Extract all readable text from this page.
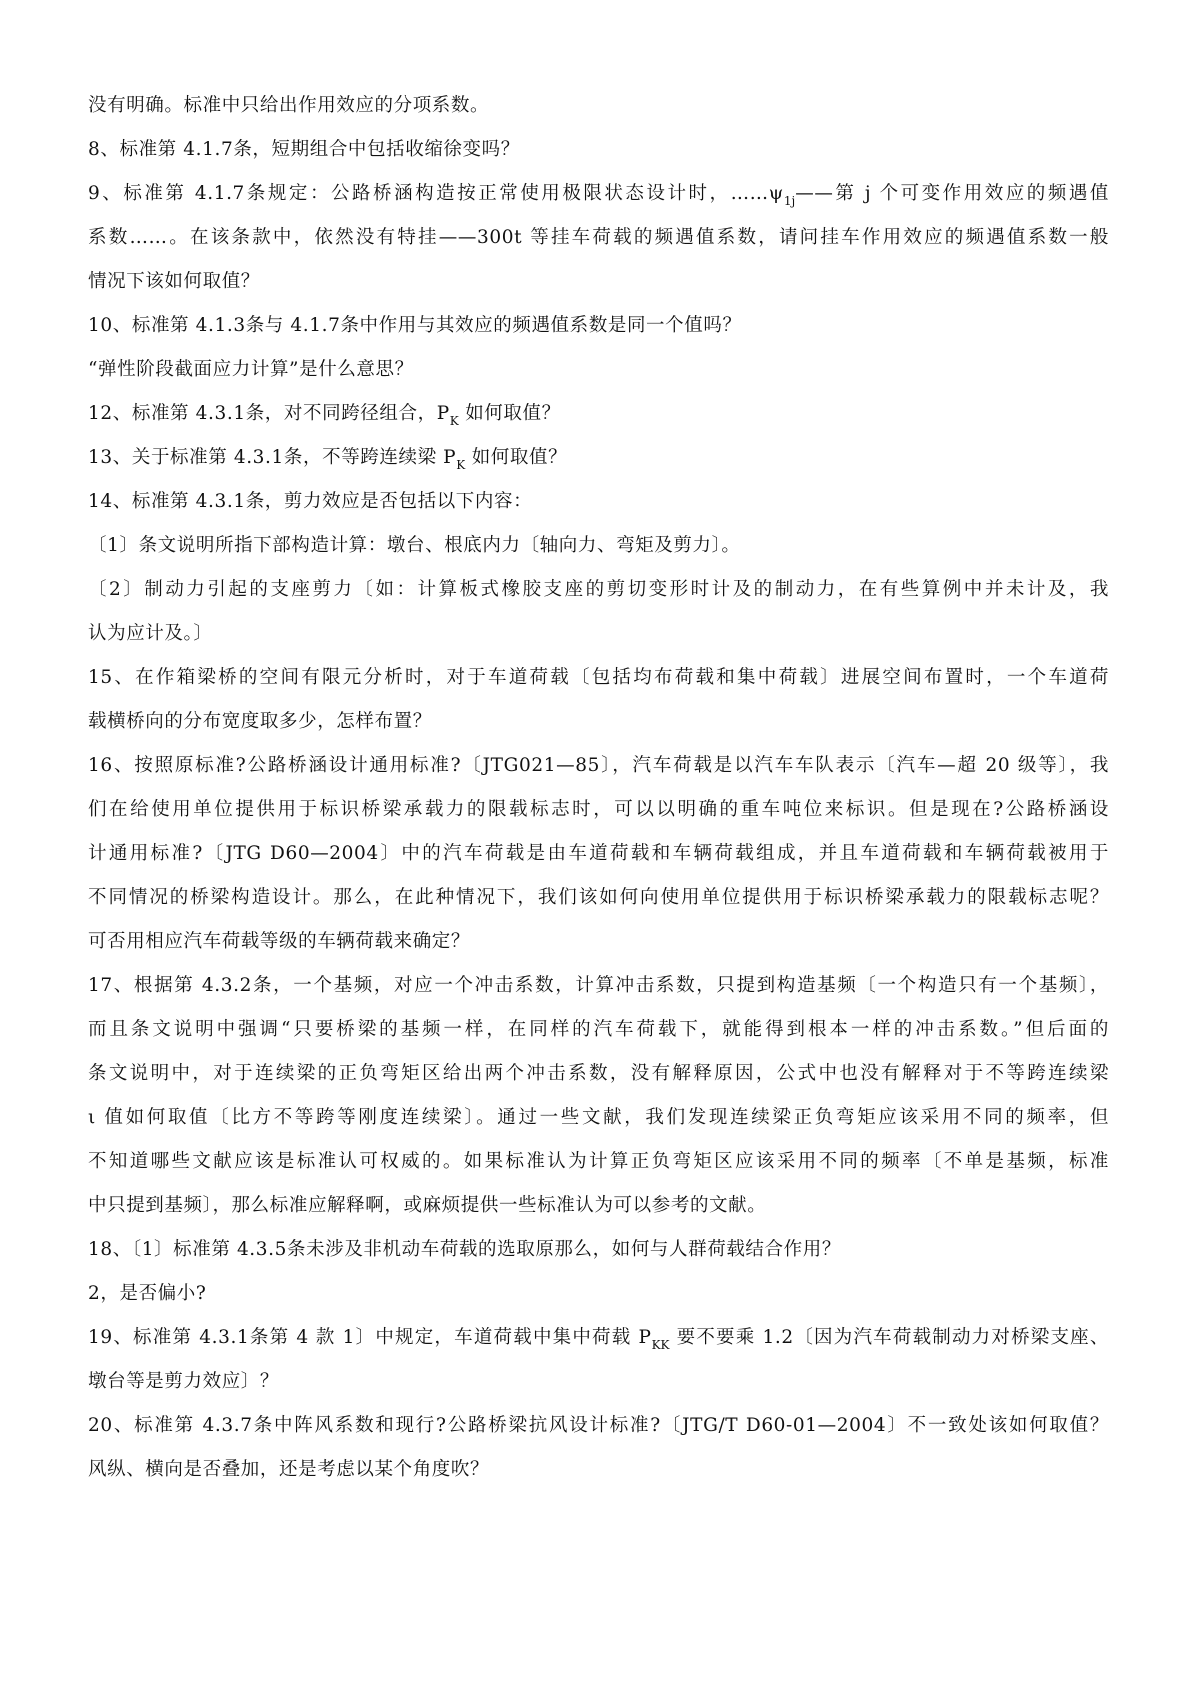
没有明确。标准中只给出作用效应的分项系数。
8、标准第 4.1.7条，短期组合中包括收缩徐变吗？
9、标准第 4.1.7条规定：公路桥涵构造按正常使用极限状态设计时，$\dots\dots\psi_{1j}——$第 j 个可变作用效应的频遇值
系数……。在该条款中，依然没有特挂——300t 等挂车荷载的频遇值系数，请问挂车作用效应的频遇值系数一般
情况下该如何取值？
10、标准第 4.1.3条与 4.1.7条中作用与其效应的频遇值系数是同一个值吗？
“弹性阶段截面应力计算”是什么意思？
12、标准第 4.3.1条，对不同跨径组合，$P_K$ 如何取值？
13、关于标准第 4.3.1条，不等跨连续梁 $P_K$ 如何取值？
14、标准第 4.3.1条，剪力效应是否包括以下内容：
〔1〕条文说明所指下部构造计算：墩台、根底内力〔轴向力、弯矩及剪力〕。
〔2〕制动力引起的支座剪力〔如：计算板式橡胶支座的剪切变形时计及的制动力，在有些算例中并未计及，我
认为应计及。〕
15、在作箱梁桥的空间有限元分析时，对于车道荷载〔包括均布荷载和集中荷载〕进展空间布置时，一个车道荷
载横桥向的分布宽度取多少，怎样布置？
16、按照原标准?公路桥涵设计通用标准?〔JTG021—85〕，汽车荷载是以汽车车队表示〔汽车—超 20 级等〕，我
们在给使用单位提供用于标识桥梁承载力的限载标志时，可以以明确的重车吨位来标识。但是现在?公路桥涵设
计通用标准?〔JTG D60—2004〕中的汽车荷载是由车道荷载和车辆荷载组成，并且车道荷载和车辆荷载被用于
不同情况的桥梁构造设计。那么，在此种情况下，我们该如何向使用单位提供用于标识桥梁承载力的限载标志呢？
可否用相应汽车荷载等级的车辆荷载来确定？
17、根据第 4.3.2条，一个基频，对应一个冲击系数，计算冲击系数，只提到构造基频〔一个构造只有一个基频〕，
而且条文说明中强调“只要桥梁的基频一样，在同样的汽车荷载下，就能得到根本一样的冲击系数。”但后面的
条文说明中，对于连续梁的正负弯矩区给出两个冲击系数，没有解释原因，公式中也没有解释对于不等跨连续梁
ι 值如何取值〔比方不等跨等刚度连续梁〕。通过一些文献，我们发现连续梁正负弯矩应该采用不同的频率，但
不知道哪些文献应该是标准认可权威的。如果标准认为计算正负弯矩区应该采用不同的频率〔不单是基频，标准
中只提到基频〕，那么标准应解释啊，或麻烦提供一些标准认为可以参考的文献。
18、〔1〕标准第 4.3.5条未涉及非机动车荷载的选取原那么，如何与人群荷载结合作用？
2，是否偏小?
19、标准第 4.3.1条第 4 款 1〕中规定，车道荷载中集中荷载 $P_{KK}$ 要不要乘 1.2〔因为汽车荷载制动力对桥梁支座、
墩台等是剪力效应〕？
20、标准第 4.3.7条中阵风系数和现行?公路桥梁抗风设计标准?〔JTG/T D60-01—2004〕不一致处该如何取值？
风纵、横向是否叠加，还是考虑以某个角度吹？
